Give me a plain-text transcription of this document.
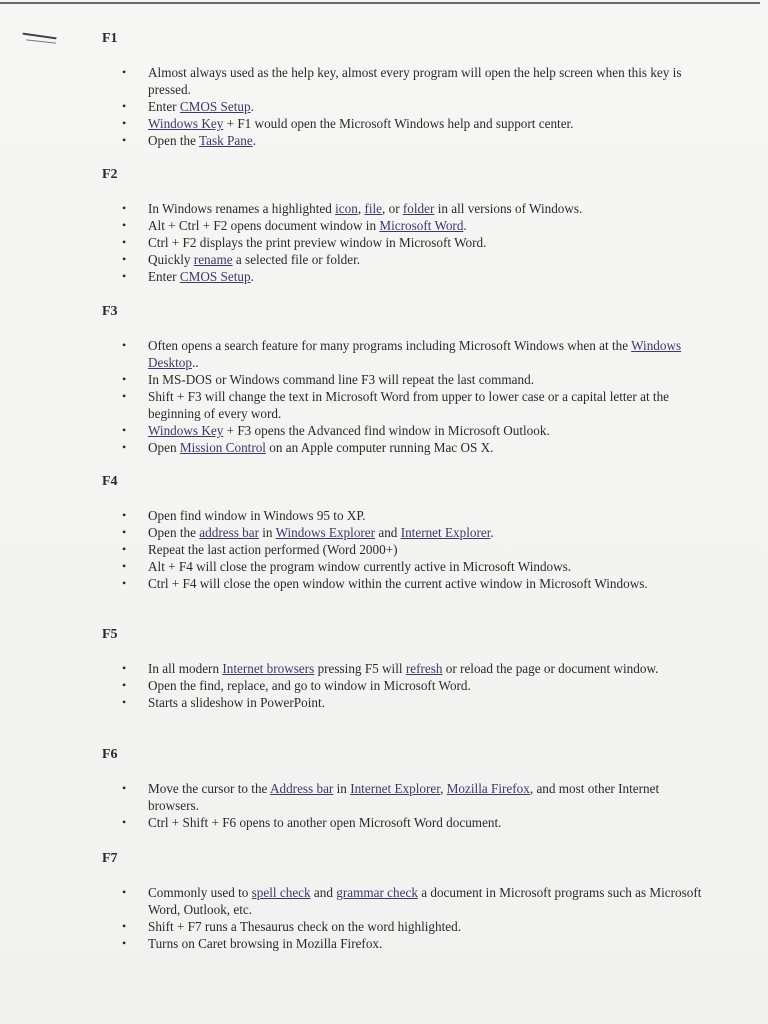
F1
• Almost always used as the help key, almost every program will open the help screen when this key is pressed.
• Enter CMOS Setup.
• Windows Key + F1 would open the Microsoft Windows help and support center.
• Open the Task Pane.
F2
• In Windows renames a highlighted icon, file, or folder in all versions of Windows.
• Alt + Ctrl + F2 opens document window in Microsoft Word.
• Ctrl + F2 displays the print preview window in Microsoft Word.
• Quickly rename a selected file or folder.
• Enter CMOS Setup.
F3
• Often opens a search feature for many programs including Microsoft Windows when at the Windows Desktop..
• In MS-DOS or Windows command line F3 will repeat the last command.
• Shift + F3 will change the text in Microsoft Word from upper to lower case or a capital letter at the beginning of every word.
• Windows Key + F3 opens the Advanced find window in Microsoft Outlook.
• Open Mission Control on an Apple computer running Mac OS X.
F4
• Open find window in Windows 95 to XP.
• Open the address bar in Windows Explorer and Internet Explorer.
• Repeat the last action performed (Word 2000+)
• Alt + F4 will close the program window currently active in Microsoft Windows.
• Ctrl + F4 will close the open window within the current active window in Microsoft Windows.
F5
• In all modern Internet browsers pressing F5 will refresh or reload the page or document window.
• Open the find, replace, and go to window in Microsoft Word.
• Starts a slideshow in PowerPoint.
F6
• Move the cursor to the Address bar in Internet Explorer, Mozilla Firefox, and most other Internet browsers.
• Ctrl + Shift + F6 opens to another open Microsoft Word document.
F7
• Commonly used to spell check and grammar check a document in Microsoft programs such as Microsoft Word, Outlook, etc.
• Shift + F7 runs a Thesaurus check on the word highlighted.
• Turns on Caret browsing in Mozilla Firefox.
